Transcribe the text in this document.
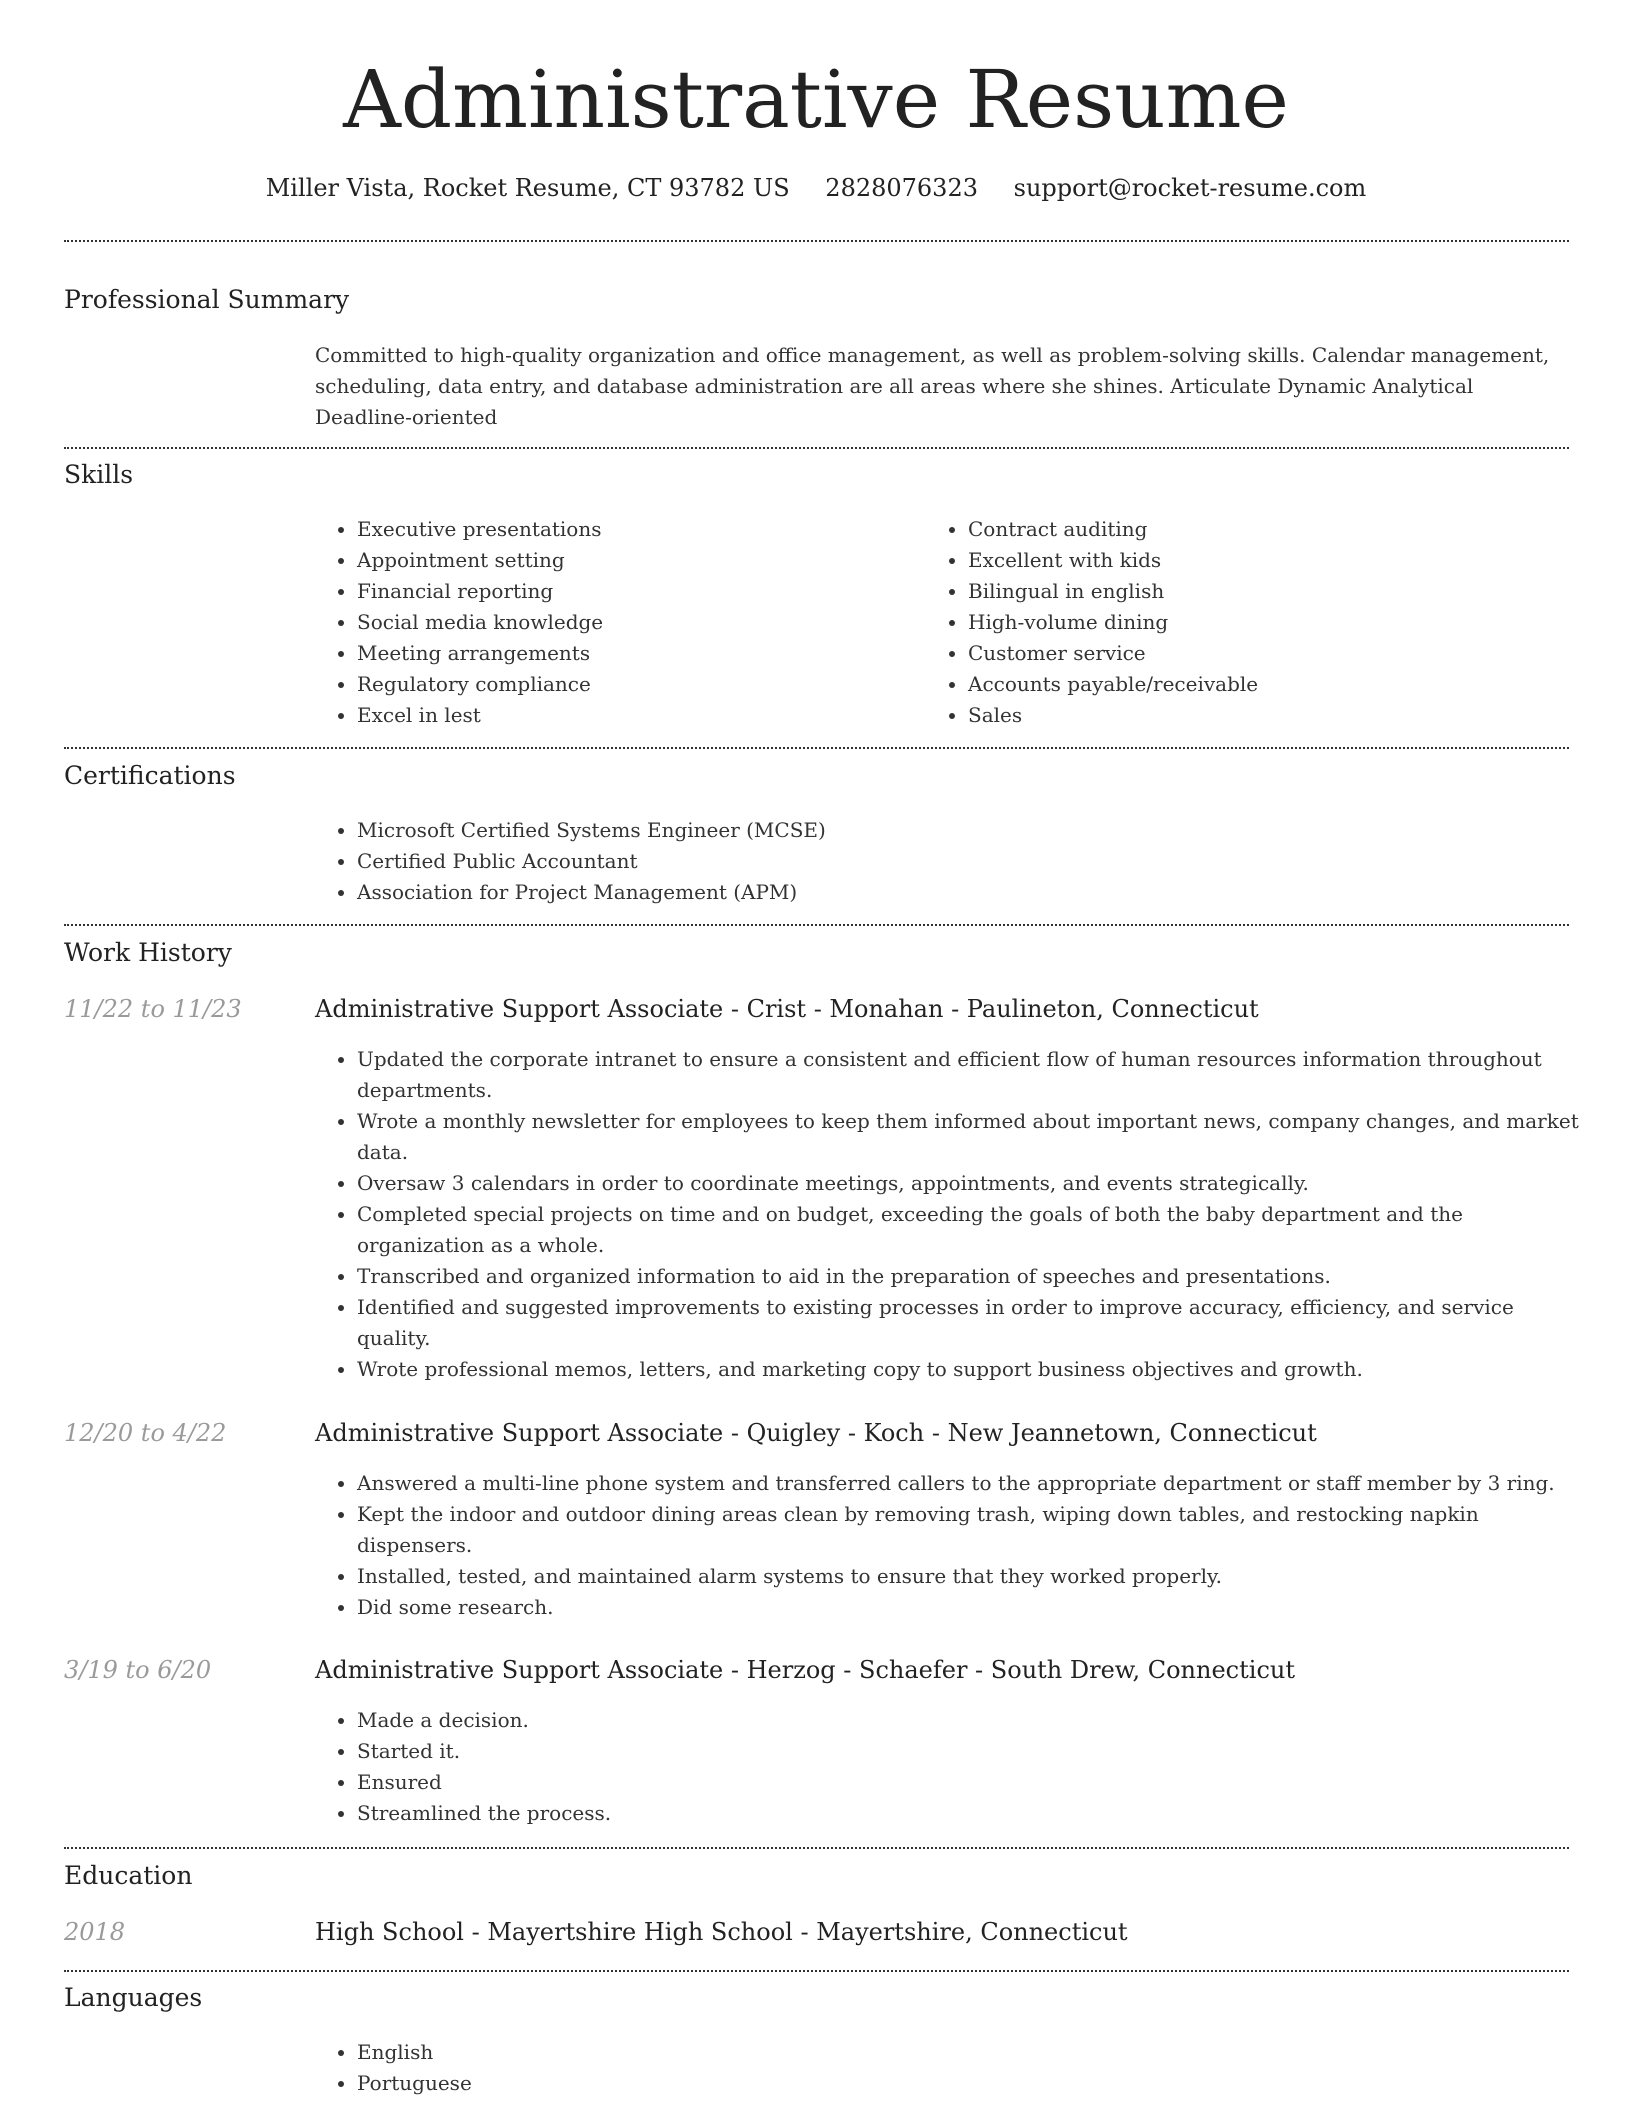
Administrative Resume
Miller Vista, Rocket Resume, CT 93782 US 2828076323 support@rocket-resume.com
Professional Summary

Committed to high-quality organization and office management, as well as problem-solving skills. Calendar management, scheduling, data entry, and database administration are all areas where she shines. Articulate Dynamic Analytical Deadline-oriented

Skills
• Executive presentations
• Appointment setting
• Financial reporting
• Social media knowledge
• Meeting arrangements
• Regulatory compliance
• Excel in lest
• Contract auditing
• Excellent with kids
• Bilingual in english
• High-volume dining
• Customer service
• Accounts payable/receivable
• Sales
Certifications
• Microsoft Certified Systems Engineer (MCSE)
• Certified Public Accountant
• Association for Project Management (APM)
Work History
11/22 to 11/23	Administrative Support Associate - Crist - Monahan - Paulineton, Connecticut
• Updated the corporate intranet to ensure a consistent and efficient flow of human resources information throughout departments.
• Wrote a monthly newsletter for employees to keep them informed about important news, company changes, and market data.
• Oversaw 3 calendars in order to coordinate meetings, appointments, and events strategically.
• Completed special projects on time and on budget, exceeding the goals of both the baby department and the organization as a whole.
• Transcribed and organized information to aid in the preparation of speeches and presentations.
• Identified and suggested improvements to existing processes in order to improve accuracy, efficiency, and service quality.
• Wrote professional memos, letters, and marketing copy to support business objectives and growth.
12/20 to 4/22	Administrative Support Associate - Quigley - Koch - New Jeannetown, Connecticut
• Answered a multi-line phone system and transferred callers to the appropriate department or staff member by 3 ring.
• Kept the indoor and outdoor dining areas clean by removing trash, wiping down tables, and restocking napkin dispensers.
• Installed, tested, and maintained alarm systems to ensure that they worked properly.
• Did some research.
3/19 to 6/20	Administrative Support Associate - Herzog - Schaefer - South Drew, Connecticut
• Made a decision.
• Started it.
• Ensured
• Streamlined the process.
Education
2018	High School - Mayertshire High School - Mayertshire, Connecticut
Languages
• English
• Portuguese
